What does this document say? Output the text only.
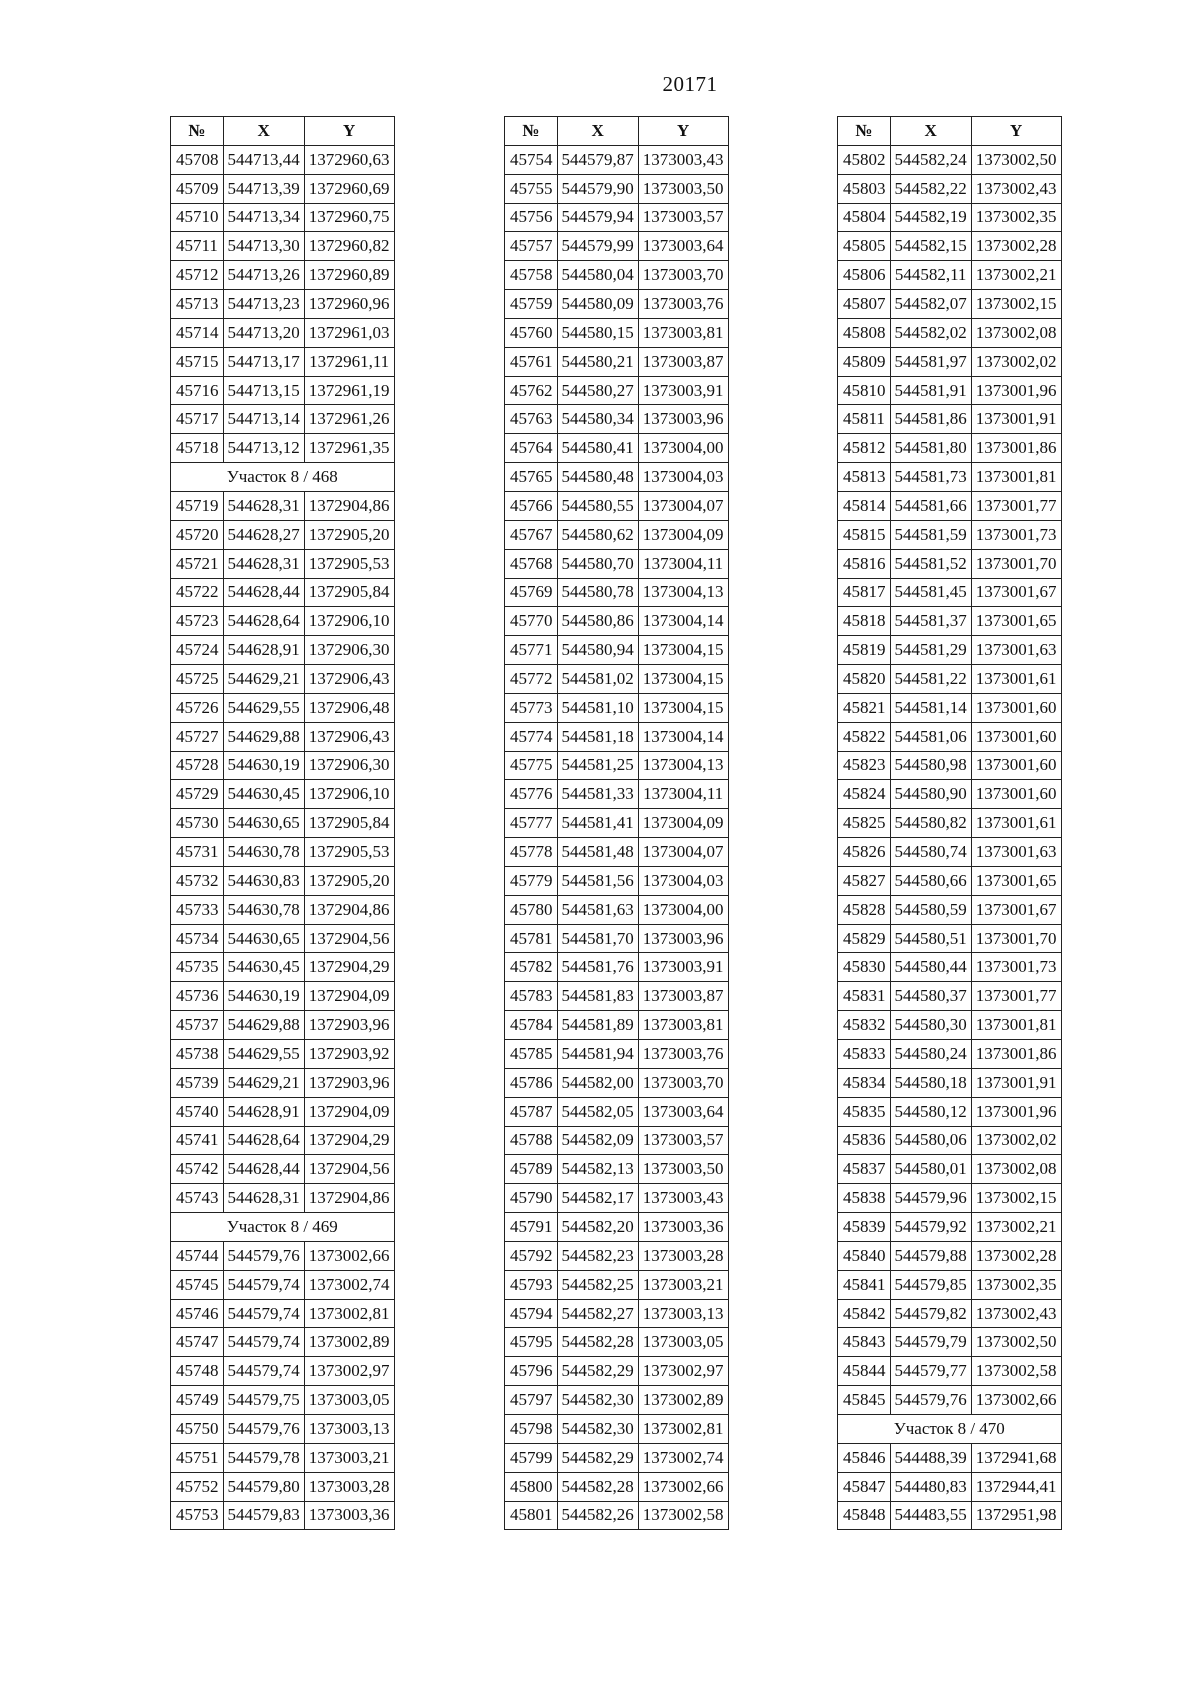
20171
№	X	Y
45708	544713,44	1372960,63
45709	544713,39	1372960,69
45710	544713,34	1372960,75
45711	544713,30	1372960,82
45712	544713,26	1372960,89
45713	544713,23	1372960,96
45714	544713,20	1372961,03
45715	544713,17	1372961,11
45716	544713,15	1372961,19
45717	544713,14	1372961,26
45718	544713,12	1372961,35
Участок 8 / 468		
45719	544628,31	1372904,86
45720	544628,27	1372905,20
45721	544628,31	1372905,53
45722	544628,44	1372905,84
45723	544628,64	1372906,10
45724	544628,91	1372906,30
45725	544629,21	1372906,43
45726	544629,55	1372906,48
45727	544629,88	1372906,43
45728	544630,19	1372906,30
45729	544630,45	1372906,10
45730	544630,65	1372905,84
45731	544630,78	1372905,53
45732	544630,83	1372905,20
45733	544630,78	1372904,86
45734	544630,65	1372904,56
45735	544630,45	1372904,29
45736	544630,19	1372904,09
45737	544629,88	1372903,96
45738	544629,55	1372903,92
45739	544629,21	1372903,96
45740	544628,91	1372904,09
45741	544628,64	1372904,29
45742	544628,44	1372904,56
45743	544628,31	1372904,86
Участок 8 / 469		
45744	544579,76	1373002,66
45745	544579,74	1373002,74
45746	544579,74	1373002,81
45747	544579,74	1373002,89
45748	544579,74	1373002,97
45749	544579,75	1373003,05
45750	544579,76	1373003,13
45751	544579,78	1373003,21
45752	544579,80	1373003,28
45753	544579,83	1373003,36
№	X	Y
45754	544579,87	1373003,43
45755	544579,90	1373003,50
45756	544579,94	1373003,57
45757	544579,99	1373003,64
45758	544580,04	1373003,70
45759	544580,09	1373003,76
45760	544580,15	1373003,81
45761	544580,21	1373003,87
45762	544580,27	1373003,91
45763	544580,34	1373003,96
45764	544580,41	1373004,00
45765	544580,48	1373004,03
45766	544580,55	1373004,07
45767	544580,62	1373004,09
45768	544580,70	1373004,11
45769	544580,78	1373004,13
45770	544580,86	1373004,14
45771	544580,94	1373004,15
45772	544581,02	1373004,15
45773	544581,10	1373004,15
45774	544581,18	1373004,14
45775	544581,25	1373004,13
45776	544581,33	1373004,11
45777	544581,41	1373004,09
45778	544581,48	1373004,07
45779	544581,56	1373004,03
45780	544581,63	1373004,00
45781	544581,70	1373003,96
45782	544581,76	1373003,91
45783	544581,83	1373003,87
45784	544581,89	1373003,81
45785	544581,94	1373003,76
45786	544582,00	1373003,70
45787	544582,05	1373003,64
45788	544582,09	1373003,57
45789	544582,13	1373003,50
45790	544582,17	1373003,43
45791	544582,20	1373003,36
45792	544582,23	1373003,28
45793	544582,25	1373003,21
45794	544582,27	1373003,13
45795	544582,28	1373003,05
45796	544582,29	1373002,97
45797	544582,30	1373002,89
45798	544582,30	1373002,81
45799	544582,29	1373002,74
45800	544582,28	1373002,66
45801	544582,26	1373002,58
№	X	Y
45802	544582,24	1373002,50
45803	544582,22	1373002,43
45804	544582,19	1373002,35
45805	544582,15	1373002,28
45806	544582,11	1373002,21
45807	544582,07	1373002,15
45808	544582,02	1373002,08
45809	544581,97	1373002,02
45810	544581,91	1373001,96
45811	544581,86	1373001,91
45812	544581,80	1373001,86
45813	544581,73	1373001,81
45814	544581,66	1373001,77
45815	544581,59	1373001,73
45816	544581,52	1373001,70
45817	544581,45	1373001,67
45818	544581,37	1373001,65
45819	544581,29	1373001,63
45820	544581,22	1373001,61
45821	544581,14	1373001,60
45822	544581,06	1373001,60
45823	544580,98	1373001,60
45824	544580,90	1373001,60
45825	544580,82	1373001,61
45826	544580,74	1373001,63
45827	544580,66	1373001,65
45828	544580,59	1373001,67
45829	544580,51	1373001,70
45830	544580,44	1373001,73
45831	544580,37	1373001,77
45832	544580,30	1373001,81
45833	544580,24	1373001,86
45834	544580,18	1373001,91
45835	544580,12	1373001,96
45836	544580,06	1373002,02
45837	544580,01	1373002,08
45838	544579,96	1373002,15
45839	544579,92	1373002,21
45840	544579,88	1373002,28
45841	544579,85	1373002,35
45842	544579,82	1373002,43
45843	544579,79	1373002,50
45844	544579,77	1373002,58
45845	544579,76	1373002,66
Участок 8 / 470		
45846	544488,39	1372941,68
45847	544480,83	1372944,41
45848	544483,55	1372951,98
